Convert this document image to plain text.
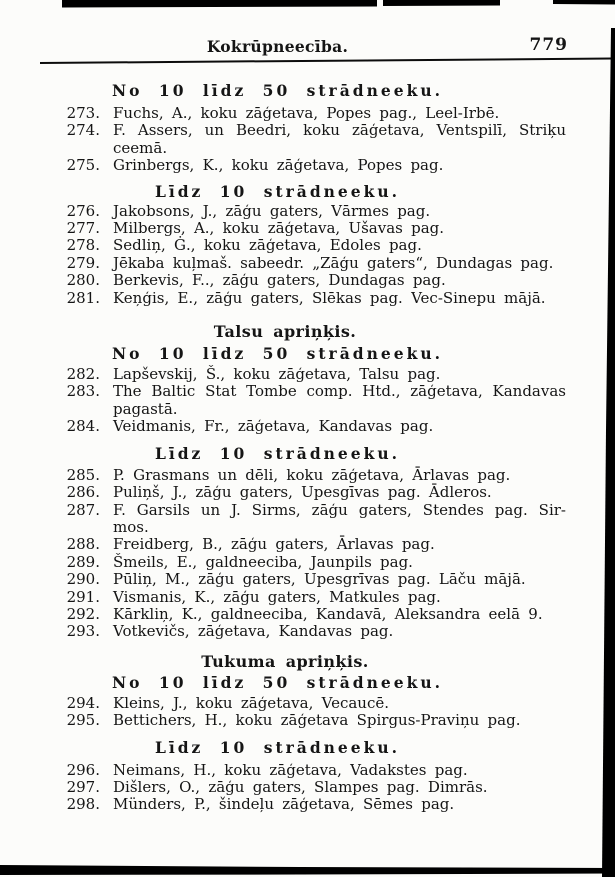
Kokrūpneecība.	779
No 10 līdz 50 strādneeku.
273. Fuchs, A., koku zāģetava, Popes pag., Leel-Irbē.
274. F. Assers, un Beedri, koku zāģetava, Ventspilī, Striķu
ceemā.
275. Grinbergs, K., koku zāģetava, Popes pag.
Līdz 10 strādneeku.
276. Jakobsons, J., zāģu gaters, Vārmes pag.
277. Milbergs, A., koku zāģetava, Ušavas pag.
278. Sedliņ, Ġ., koku zāģetava, Edoles pag.
279. Jēkaba kuļmaš. sabeedr. „Zāģu gaters“, Dundagas pag.
280. Berkevis, F.., zāģu gaters, Dundagas pag.
281. Keņģis, E., zāģu gaters, Slēkas pag. Vec-Sinepu mājā.
Talsu apriņķis.
No 10 līdz 50 strādneeku.
282. Lapševskij, Š., koku zāģetava, Talsu pag.
283. The Baltic Stat Tombe comp. Htd., zāģetava, Kandavas
pagastā.
284. Veidmanis, Fr., zāģetava, Kandavas pag.
Līdz 10 strādneeku.
285. P. Grasmans un dēli, koku zāģetava, Ārlavas pag.
286. Puliņš, J., zāģu gaters, Upesgīvas pag. Ādleros.
287. F. Garsils un J. Sirms, zāģu gaters, Stendes pag. Sir-
mos.
288. Freidberg, B., zāģu gaters, Ārlavas pag.
289. Šmeils, E., galdneeciba, Jaunpils pag.
290. Pūliņ, M., zāģu gaters, Upesgrīvas pag. Lāču mājā.
291. Vismanis, K., zāģu gaters, Matkules pag.
292. Kārkliņ, K., galdneeciba, Kandavā, Aleksandra eelā 9.
293. Votkevičs, zāģetava, Kandavas pag.
Tukuma apriņķis.
No 10 līdz 50 strādneeku.
294. Kleins, J., koku zāģetava, Vecaucē.
295. Bettichers, H., koku zāģetava Spirgus-Praviņu pag.
Līdz 10 strādneeku.
296. Neimans, H., koku zāģetava, Vadakstes pag.
297. Dišlers, O., zāģu gaters, Slampes pag. Dimrās.
298. Münders, P., šindeļu zāģetava, Sēmes pag.
